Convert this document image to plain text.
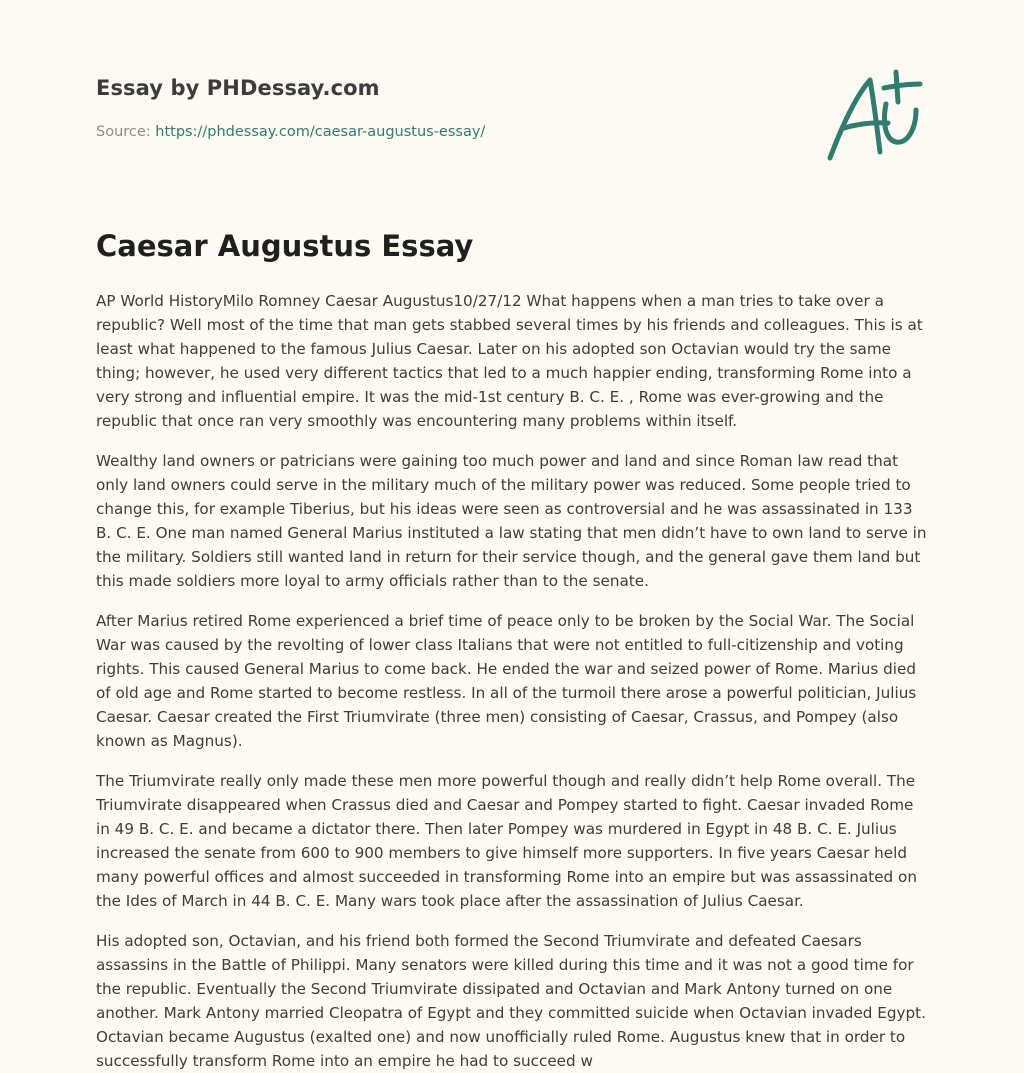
Essay by PHDessay.com
Source: https://phdessay.com/caesar-augustus-essay/
Caesar Augustus Essay

AP World HistoryMilo Romney Caesar Augustus10/27/12 What happens when a man tries to take over a republic? Well most of the time that man gets stabbed several times by his friends and colleagues. This is at least what happened to the famous Julius Caesar. Later on his adopted son Octavian would try the same thing; however, he used very different tactics that led to a much happier ending, transforming Rome into a very strong and influential empire. It was the mid-1st century B. C. E. , Rome was ever-growing and the republic that once ran very smoothly was encountering many problems within itself.

Wealthy land owners or patricians were gaining too much power and land and since Roman law read that only land owners could serve in the military much of the military power was reduced. Some people tried to change this, for example Tiberius, but his ideas were seen as controversial and he was assassinated in 133 B. C. E. One man named General Marius instituted a law stating that men didn’t have to own land to serve in the military. Soldiers still wanted land in return for their service though, and the general gave them land but this made soldiers more loyal to army officials rather than to the senate.

After Marius retired Rome experienced a brief time of peace only to be broken by the Social War. The Social War was caused by the revolting of lower class Italians that were not entitled to full-citizenship and voting rights. This caused General Marius to come back. He ended the war and seized power of Rome. Marius died of old age and Rome started to become restless. In all of the turmoil there arose a powerful politician, Julius Caesar. Caesar created the First Triumvirate (three men) consisting of Caesar, Crassus, and Pompey (also known as Magnus).

The Triumvirate really only made these men more powerful though and really didn’t help Rome overall. The Triumvirate disappeared when Crassus died and Caesar and Pompey started to fight. Caesar invaded Rome in 49 B. C. E. and became a dictator there. Then later Pompey was murdered in Egypt in 48 B. C. E. Julius increased the senate from 600 to 900 members to give himself more supporters. In five years Caesar held many powerful offices and almost succeeded in transforming Rome into an empire but was assassinated on the Ides of March in 44 B. C. E. Many wars took place after the assassination of Julius Caesar.

His adopted son, Octavian, and his friend both formed the Second Triumvirate and defeated Caesars assassins in the Battle of Philippi. Many senators were killed during this time and it was not a good time for the republic. Eventually the Second Triumvirate dissipated and Octavian and Mark Antony turned on one another. Mark Antony married Cleopatra of Egypt and they committed suicide when Octavian invaded Egypt. Octavian became Augustus (exalted one) and now unofficially ruled Rome. Augustus knew that in order to successfully transform Rome into an empire he had to succeed w
